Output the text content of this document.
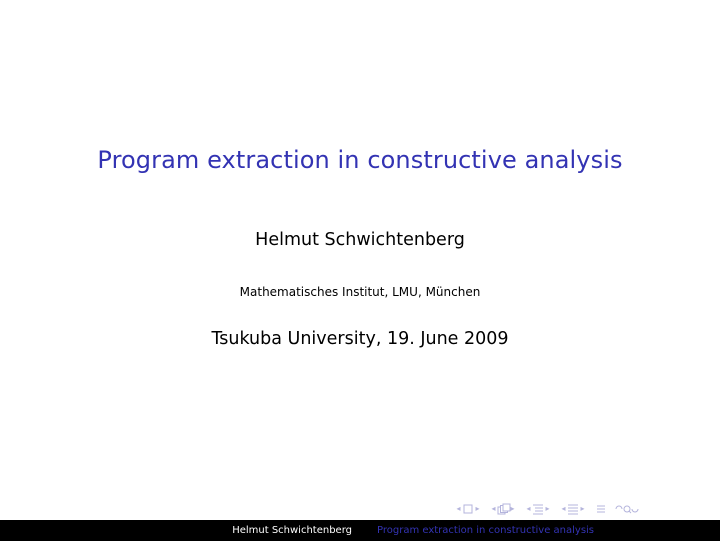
Program extraction in constructive analysis
Helmut Schwichtenberg
Mathematisches Institut, LMU, München
Tsukuba University, 19. June 2009
◂ ▸ ◂ ▸ ◂ ▸ ◂ ▸
Helmut Schwichtenberg	Program extraction in constructive analysis
